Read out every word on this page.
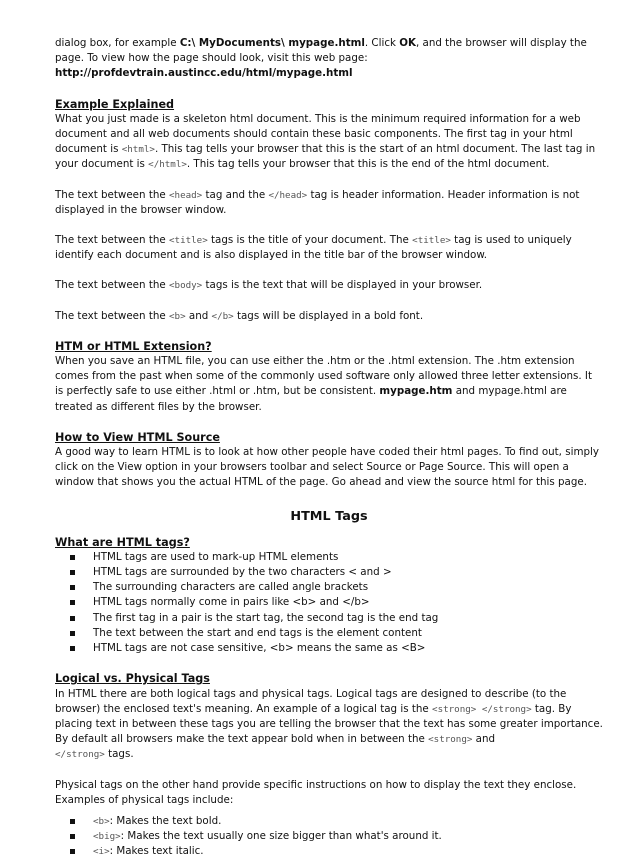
dialog box, for example C:\ MyDocuments\ mypage.html. Click OK, and the browser will display the page. To view how the page should look, visit this web page:
http://profdevtrain.austincc.edu/html/mypage.html

Example Explained

What you just made is a skeleton html document. This is the minimum required information for a web document and all web documents should contain these basic components. The first tag in your html document is <html>. This tag tells your browser that this is the start of an html document. The last tag in your document is </html>. This tag tells your browser that this is the end of the html document.

The text between the <head> tag and the </head> tag is header information. Header information is not displayed in the browser window.

The text between the <title> tags is the title of your document. The <title> tag is used to uniquely identify each document and is also displayed in the title bar of the browser window.

The text between the <body> tags is the text that will be displayed in your browser.

The text between the <b> and </b> tags will be displayed in a bold font.

HTM or HTML Extension?

When you save an HTML file, you can use either the .htm or the .html extension. The .htm extension comes from the past when some of the commonly used software only allowed three letter extensions. It is perfectly safe to use either .html or .htm, but be consistent. mypage.htm and mypage.html are treated as different files by the browser.

How to View HTML Source

A good way to learn HTML is to look at how other people have coded their html pages. To find out, simply click on the View option in your browsers toolbar and select Source or Page Source. This will open a window that shows you the actual HTML of the page. Go ahead and view the source html for this page.

HTML Tags

What are HTML tags?

HTML tags are used to mark-up HTML elements
HTML tags are surrounded by the two characters < and >
The surrounding characters are called angle brackets
HTML tags normally come in pairs like <b> and </b>
The first tag in a pair is the start tag, the second tag is the end tag
The text between the start and end tags is the element content
HTML tags are not case sensitive, <b> means the same as <B>

Logical vs. Physical Tags

In HTML there are both logical tags and physical tags. Logical tags are designed to describe (to the browser) the enclosed text's meaning. An example of a logical tag is the <strong> </strong> tag. By placing text in between these tags you are telling the browser that the text has some greater importance. By default all browsers make the text appear bold when in between the <strong> and
</strong> tags.

Physical tags on the other hand provide specific instructions on how to display the text they enclose. Examples of physical tags include:

<b>: Makes the text bold.
<big>: Makes the text usually one size bigger than what's around it.
<i>: Makes text italic.
